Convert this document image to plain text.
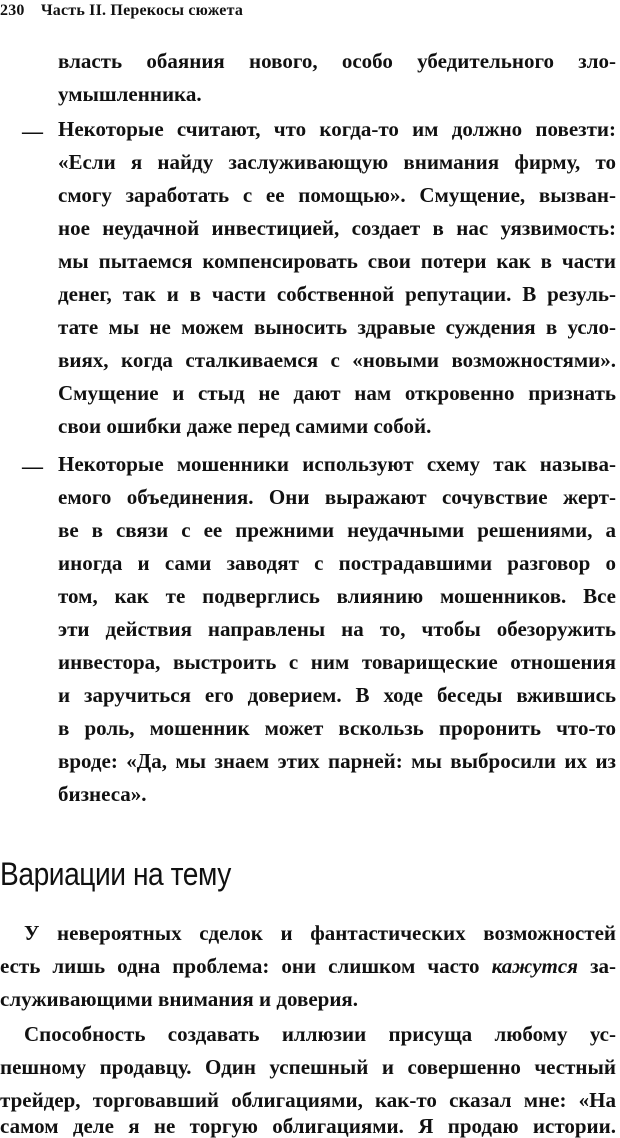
230 Часть II. Перекосы сюжета
власть обаяния нового, особо убедительного зло-
умышленника.
— Некоторые считают, что когда-то им должно повезти:
«Если я найду заслуживающую внимания фирму, то
смогу заработать с ее помощью». Смущение, вызван-
ное неудачной инвестицией, создает в нас уязвимость:
мы пытаемся компенсировать свои потери как в части
денег, так и в части собственной репутации. В резуль-
тате мы не можем выносить здравые суждения в усло-
виях, когда сталкиваемся с «новыми возможностями».
Смущение и стыд не дают нам откровенно признать
свои ошибки даже перед самими собой.
— Некоторые мошенники используют схему так называ-
емого объединения. Они выражают сочувствие жерт-
ве в связи с ее прежними неудачными решениями, а
иногда и сами заводят с пострадавшими разговор о
том, как те подверглись влиянию мошенников. Все
эти действия направлены на то, чтобы обезоружить
инвестора, выстроить с ним товарищеские отношения
и заручиться его доверием. В ходе беседы вжившись
в роль, мошенник может вскользь проронить что-то
вроде: «Да, мы знаем этих парней: мы выбросили их из
бизнеса».
Вариации на тему
У невероятных сделок и фантастических возможностей
есть лишь одна проблема: они слишком часто кажутся за-
служивающими внимания и доверия.
Способность создавать иллюзии присуща любому ус-
пешному продавцу. Один успешный и совершенно честный
трейдер, торговавший облигациями, как-то сказал мне: «На
самом деле я не торгую облигациями. Я продаю истории.
